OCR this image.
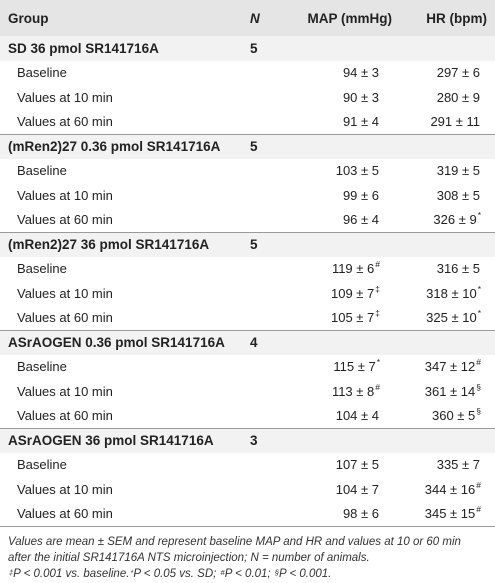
Group	N	MAP (mmHg)	HR (bpm)
SD 36 pmol SR141716A	5		
Baseline		94 ± 3	297 ± 6
Values at 10 min		90 ± 3	280 ± 9
Values at 60 min		91 ± 4	291 ± 11
(mRen2)27 0.36 pmol SR141716A	5		
Baseline		103 ± 5	319 ± 5
Values at 10 min		99 ± 6	308 ± 5
Values at 60 min		96 ± 4	326 ± 9*
(mRen2)27 36 pmol SR141716A	5		
Baseline		119 ± 6#	316 ± 5
Values at 10 min		109 ± 7‡	318 ± 10*
Values at 60 min		105 ± 7‡	325 ± 10*
ASrAOGEN 0.36 pmol SR141716A	4		
Baseline		115 ± 7*	347 ± 12#
Values at 10 min		113 ± 8#	361 ± 14§
Values at 60 min		104 ± 4	360 ± 5§
ASrAOGEN 36 pmol SR141716A	3		
Baseline		107 ± 5	335 ± 7
Values at 10 min		104 ± 7	344 ± 16#
Values at 60 min		98 ± 6	345 ± 15#

Values are mean ± SEM and represent baseline MAP and HR and values at 10 or 60 min after the initial SR141716A NTS microinjection; N = number of animals.

‡P < 0.001 vs. baseline.*P < 0.05 vs. SD; #P < 0.01; §P < 0.001.
